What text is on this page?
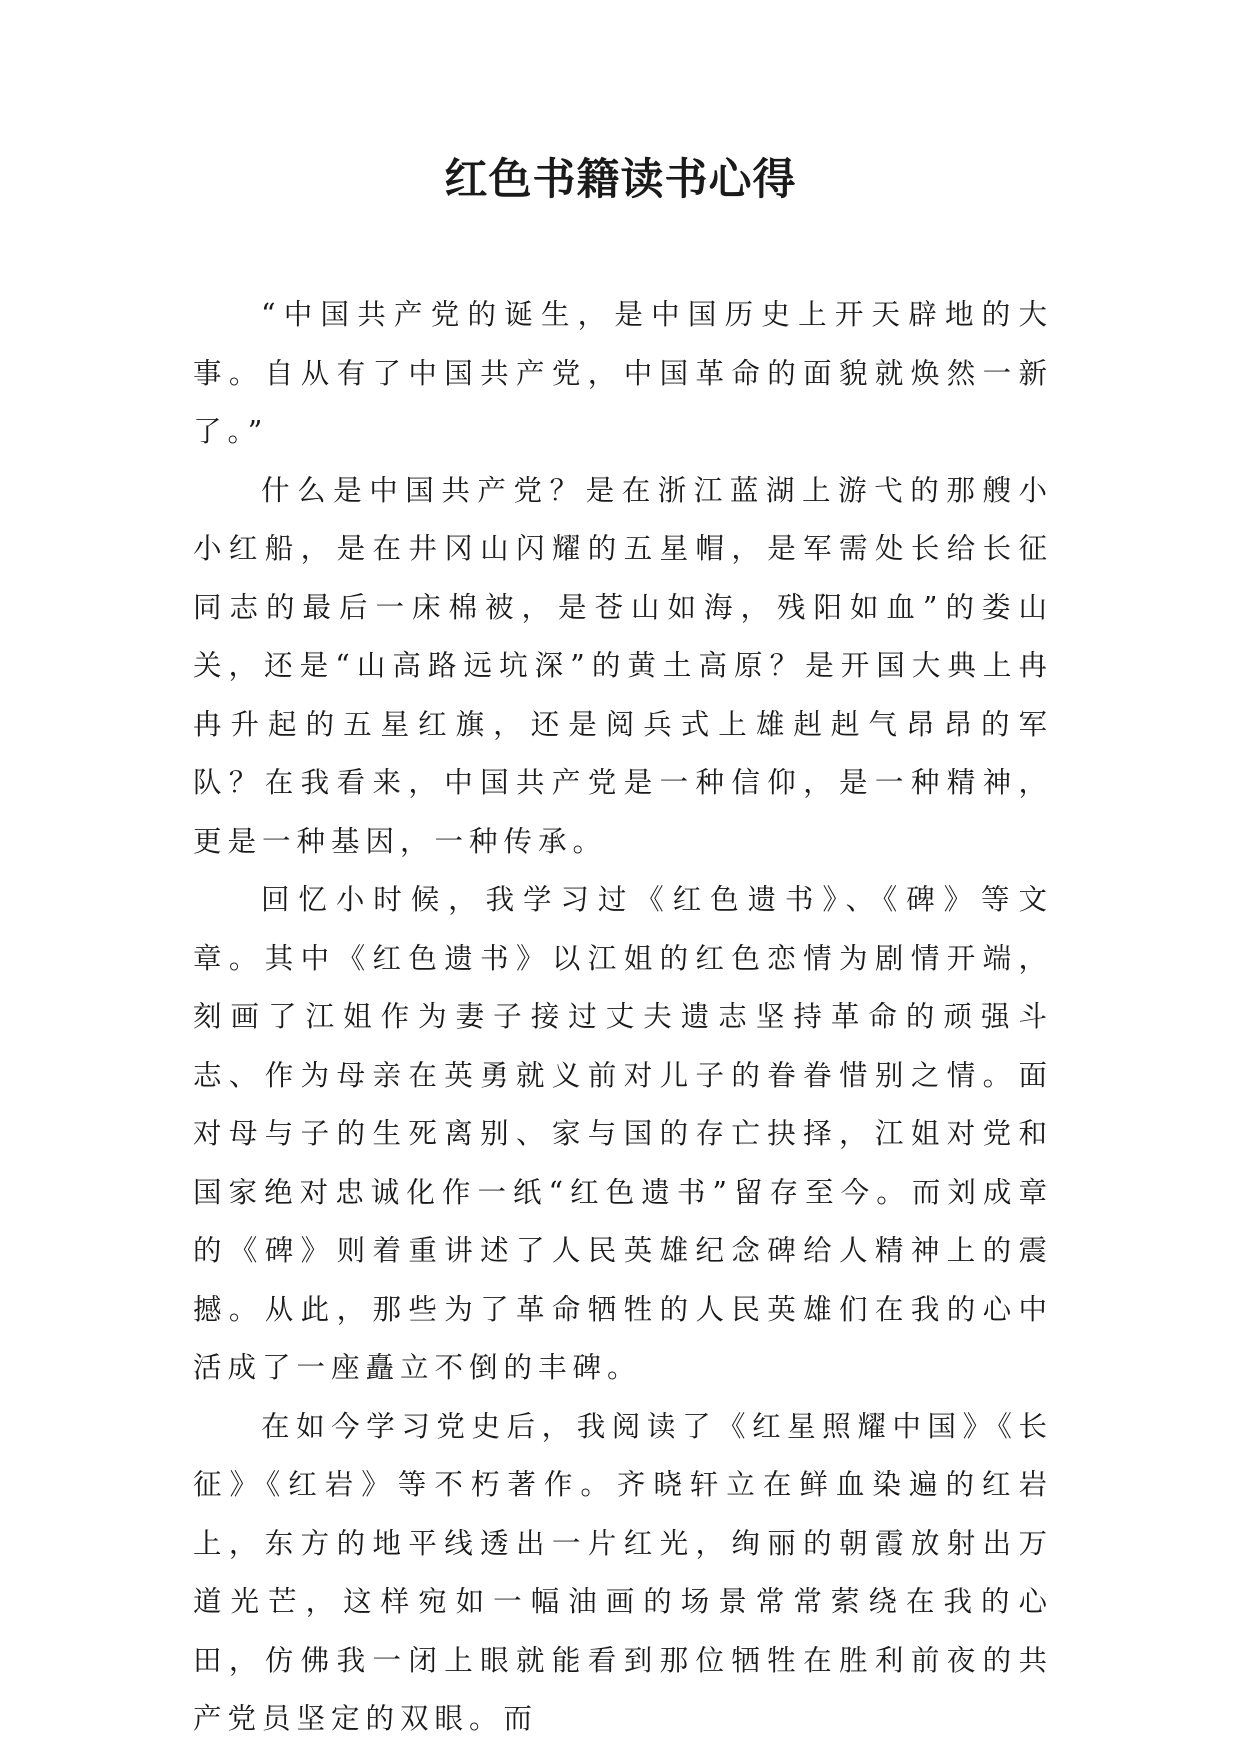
红色书籍读书心得

“中国共产党的诞生，是中国历史上开天辟地的大事。自从有了中国共产党，中国革命的面貌就焕然一新了。”

什么是中国共产党？是在浙江蓝湖上游弋的那艘小小红船，是在井冈山闪耀的五星帽，是军需处长给长征同志的最后一床棉被，是苍山如海，残阳如血”的娄山关，还是“山高路远坑深”的黄土高原？是开国大典上冉冉升起的五星红旗，还是阅兵式上雄赳赳气昂昂的军队？在我看来，中国共产党是一种信仰，是一种精神，更是一种基因，一种传承。

回忆小时候，我学习过《红色遗书》、《碑》等文章。其中《红色遗书》以江姐的红色恋情为剧情开端，刻画了江姐作为妻子接过丈夫遗志坚持革命的顽强斗志、作为母亲在英勇就义前对儿子的眷眷惜别之情。面对母与子的生死离别、家与国的存亡抉择，江姐对党和国家绝对忠诚化作一纸“红色遗书”留存至今。而刘成章的《碑》则着重讲述了人民英雄纪念碑给人精神上的震撼。从此，那些为了革命牺牲的人民英雄们在我的心中活成了一座矗立不倒的丰碑。

在如今学习党史后，我阅读了《红星照耀中国》《长征》《红岩》等不朽著作。齐晓轩立在鲜血染遍的红岩上，东方的地平线透出一片红光，绚丽的朝霞放射出万道光芒，这样宛如一幅油画的场景常常萦绕在我的心田，仿佛我一闭上眼就能看到那位牺牲在胜利前夜的共产党员坚定的双眼。而
